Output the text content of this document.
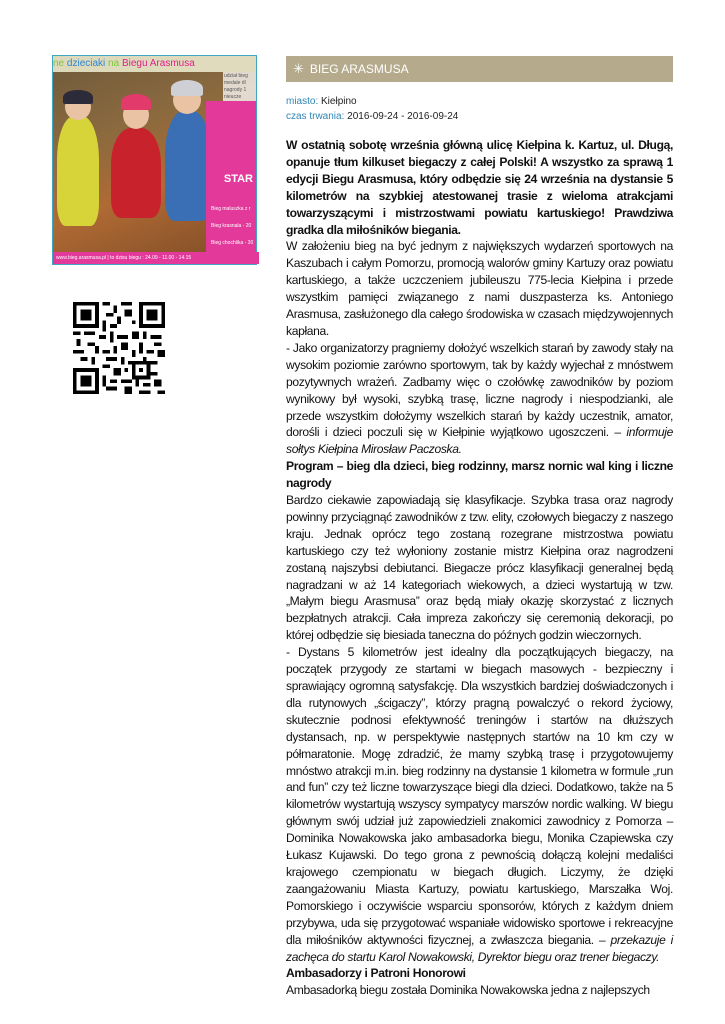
ne dzieciaki na Biegu Arasmusa
udział bieg
medale dl
nagrody 1
nieucze
STAR
Bieg maluszka z r
Bieg krasnala - 20
Bieg chochlika - 30
Bieg orwisa - 900
Bieg juniora - 1
www.bieg.arasmusa.pl | to dzisu biegu : 24.09 - 11.00 - 14.15
✳ BIEG ARASMUSA
miasto: Kiełpino
czas trwania: 2016-09-24 - 2016-09-24

W ostatnią sobotę września główną ulicę Kiełpina k. Kartuz, ul. Długą, opanuje tłum kilkuset biegaczy z całej Polski! A wszystko za sprawą 1 edycji Biegu Arasmusa, który odbędzie się 24 września na dystansie 5 kilometrów na szybkiej atestowanej trasie z wieloma atrakcjami towarzyszącymi i mistrzostwami powiatu kartuskiego! Prawdziwa gradka dla miłośników biegania.

W założeniu bieg na być jednym z największych wydarzeń sportowych na Kaszubach i całym Pomorzu, promocją walorów gminy Kartuzy oraz powiatu kartuskiego, a także uczczeniem jubileuszu 775-lecia Kiełpina i przede wszystkim pamięci związanego z nami duszpasterza ks. Antoniego Arasmusa, zasłużonego dla całego środowiska w czasach międzywojennych kapłana.

- Jako organizatorzy pragniemy dołożyć wszelkich starań by zawody stały na wysokim poziomie zarówno sportowym, tak by każdy wyjechał z mnóstwem pozytywnych wrażeń. Zadbamy więc o czołówkę zawodników by poziom wynikowy był wysoki, szybką trasę, liczne nagrody i niespodzianki, ale przede wszystkim dołożymy wszelkich starań by każdy uczestnik, amator, dorośli i dzieci poczuli się w Kiełpinie wyjątkowo ugoszczeni. – informuje sołtys Kiełpina Mirosław Paczoska.

Program – bieg dla dzieci, bieg rodzinny, marsz nornic wal king i liczne nagrody

Bardzo ciekawie zapowiadają się klasyfikacje. Szybka trasa oraz nagrody powinny przyciągnąć zawodników z tzw. elity, czołowych biegaczy z naszego kraju. Jednak oprócz tego zostaną rozegrane mistrzostwa powiatu kartuskiego czy też wyłoniony zostanie mistrz Kiełpina oraz nagrodzeni zostaną najszybsi debiutanci. Biegacze prócz klasyfikacji generalnej będą nagradzani w aż 14 kategoriach wiekowych, a dzieci wystartują w tzw. „Małym biegu Arasmusa” oraz będą miały okazję skorzystać z licznych bezpłatnych atrakcji. Cała impreza zakończy się ceremonią dekoracji, po której odbędzie się biesiada taneczna do późnych godzin wieczornych.

- Dystans 5 kilometrów jest idealny dla początkujących biegaczy, na początek przygody ze startami w biegach masowych - bezpieczny i sprawiający ogromną satysfakcję. Dla wszystkich bardziej doświadczonych i dla rutynowych „ścigaczy”, którzy pragną powalczyć o rekord życiowy, skutecznie podnosi efektywność treningów i startów na dłuższych dystansach, np. w perspektywie następnych startów na 10 km czy w półmaratonie. Mogę zdradzić, że mamy szybką trasę i przygotowujemy mnóstwo atrakcji m.in. bieg rodzinny na dystansie 1 kilometra w formule „run and fun” czy też liczne towarzyszące biegi dla dzieci. Dodatkowo, także na 5 kilometrów wystartują wszyscy sympatycy marszów nordic walking. W biegu głównym swój udział już zapowiedzieli znakomici zawodnicy z Pomorza – Dominika Nowakowska jako ambasadorka biegu, Monika Czapiewska czy Łukasz Kujawski. Do tego grona z pewnością dołączą kolejni medaliści krajowego czempionatu w biegach długich. Liczymy, że dzięki zaangażowaniu Miasta Kartuzy, powiatu kartuskiego, Marszałka Woj. Pomorskiego i oczywiście wsparciu sponsorów, których z każdym dniem przybywa, uda się przygotować wspaniałe widowisko sportowe i rekreacyjne dla miłośników aktywności fizycznej, a zwłaszcza biegania. – przekazuje i zachęca do startu Karol Nowakowski, Dyrektor biegu oraz trener biegaczy.

Ambasadorzy i Patroni Honorowi

Ambasadorką biegu została Dominika Nowakowska jedna z najlepszych
